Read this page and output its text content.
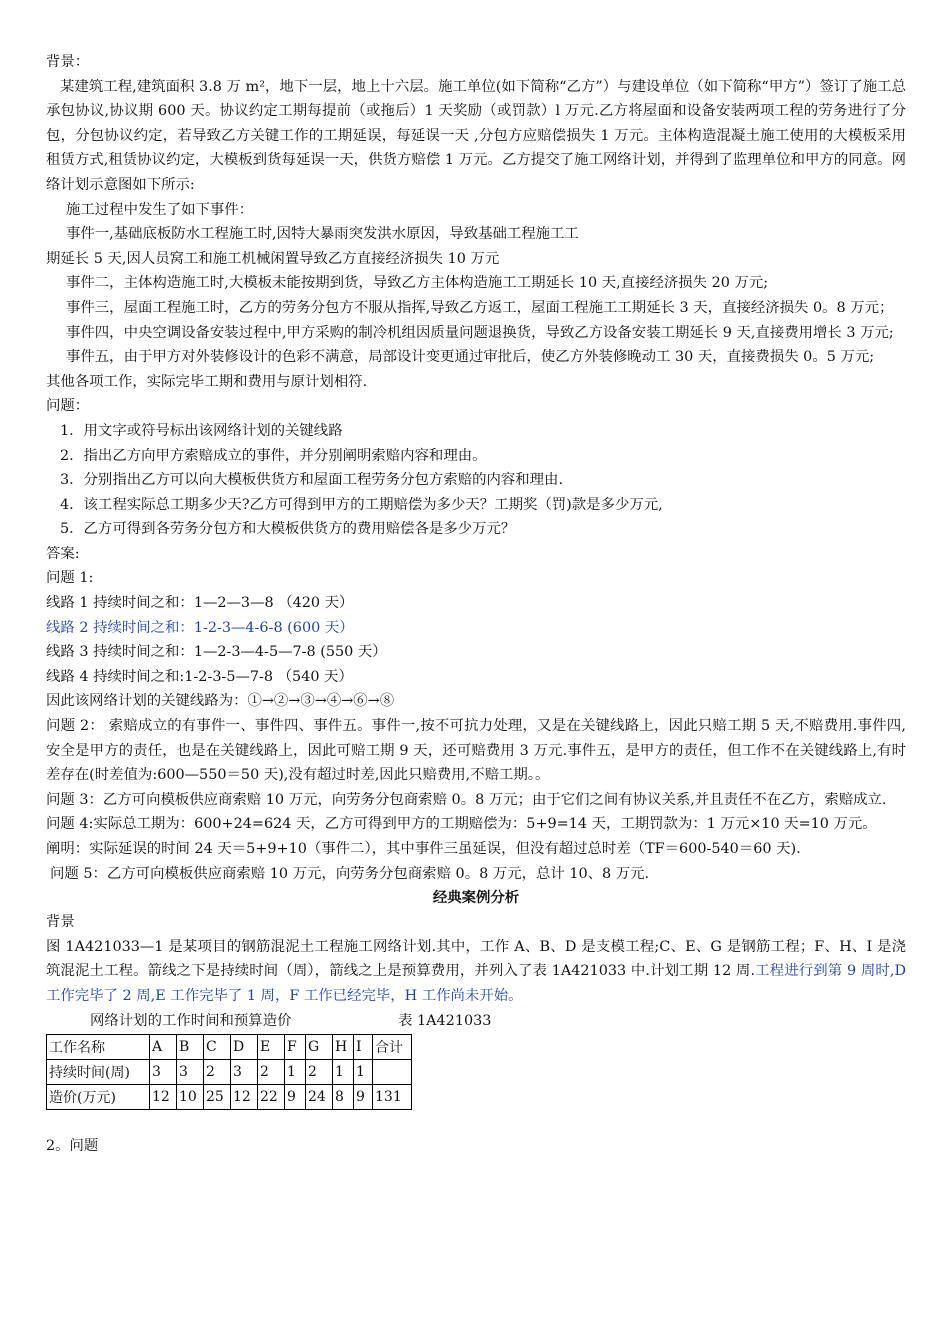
背景：

某建筑工程,建筑面积 3.8 万 m²，地下一层，地上十六层。施工单位(如下简称“乙方”）与建设单位（如下简称“甲方”）签订了施工总承包协议,协议期 600 天。协议约定工期每提前（或拖后）1 天奖励（或罚款）l 万元.乙方将屋面和设备安装两项工程的劳务进行了分包，分包协议约定，若导致乙方关键工作的工期延误，每延误一天 ,分包方应赔偿损失 1 万元。主体构造混凝土施工使用的大模板采用租赁方式,租赁协议约定，大模板到货每延误一天，供货方赔偿 1 万元。乙方提交了施工网络计划，并得到了监理单位和甲方的同意。网络计划示意图如下所示:

施工过程中发生了如下事件：

事件一,基础底板防水工程施工时,因特大暴雨突发洪水原因，导致基础工程施工工

期延长 5 天,因人员窝工和施工机械闲置导致乙方直接经济损失 10 万元

事件二，主体构造施工时,大模板未能按期到货，导致乙方主体构造施工工期延长 10 天,直接经济损失 20 万元;

事件三，屋面工程施工时，乙方的劳务分包方不服从指挥,导致乙方返工，屋面工程施工工期延长 3 天，直接经济损失 0。8 万元；

事件四，中央空调设备安装过程中,甲方采购的制冷机组因质量问题退换货，导致乙方设备安装工期延长 9 天,直接费用增长 3 万元;

事件五，由于甲方对外装修设计的色彩不满意，局部设计变更通过审批后，使乙方外装修晚动工 30 天，直接费损失 0。5 万元;

其他各项工作，实际完毕工期和费用与原计划相符.

问题：

1．用文字或符号标出该网络计划的关键线路

2．指出乙方向甲方索赔成立的事件，并分别阐明索赔内容和理由。

3．分别指出乙方可以向大模板供货方和屋面工程劳务分包方索赔的内容和理由.

4．该工程实际总工期多少天?乙方可得到甲方的工期赔偿为多少天？工期奖（罚)款是多少万元,

5．乙方可得到各劳务分包方和大模板供货方的费用赔偿各是多少万元？

答案:

问题 1:

线路 1 持续时间之和：1—2—3—8 （420 天）

线路 2 持续时间之和：1-2-3—4-6-8 (600 天）

线路 3 持续时间之和：1—2-3—4-5—7-8 (550 天）

线路 4 持续时间之和:1-2-3-5—7-8 （540 天）

因此该网络计划的关键线路为：①→②→③→④→⑥→⑧

问题 2： 索赔成立的有事件一、事件四、事件五。事件一,按不可抗力处理，又是在关键线路上，因此只赔工期 5 天,不赔费用.事件四,安全是甲方的责任，也是在关键线路上，因此可赔工期 9 天，还可赔费用 3 万元.事件五，是甲方的责任，但工作不在关键线路上,有时差存在(时差值为:600—550＝50 天),没有超过时差,因此只赔费用,不赔工期。。

问题 3：乙方可向模板供应商索赔 10 万元，向劳务分包商索赔 0。8 万元；由于它们之间有协议关系,并且责任不在乙方，索赔成立.

问题 4:实际总工期为：600+24=624 天，乙方可得到甲方的工期赔偿为：5+9=14 天，工期罚款为：1 万元×10 天=10 万元。

阐明：实际延误的时间 24 天＝5+9+10（事件二），其中事件三虽延误，但没有超过总时差（TF＝600-540＝60 天).

问题 5：乙方可向模板供应商索赔 10 万元，向劳务分包商索赔 0。8 万元，总计 10、8 万元.

经典案例分析

背景

图 1A421033—1 是某项目的钢筋混泥土工程施工网络计划.其中，工作 A、B、D 是支模工程;C、E、G 是钢筋工程；F、H、I 是浇筑混泥土工程。箭线之下是持续时间（周），箭线之上是预算费用，并列入了表 1A421033 中.计划工期 12 周.工程进行到第 9 周时,D 工作完毕了 2 周,E 工作完毕了 1 周，F 工作已经完毕，H 工作尚未开始。

网络计划的工作时间和预算造价	表 1A421033
工作名称	A	B	C	D	E	F	G	H	I	合计
持续时间(周)	3	3	2	3	2	1	2	1	1	
造价(万元)	12	10	25	12	22	9	24	8	9	131

2。问题
